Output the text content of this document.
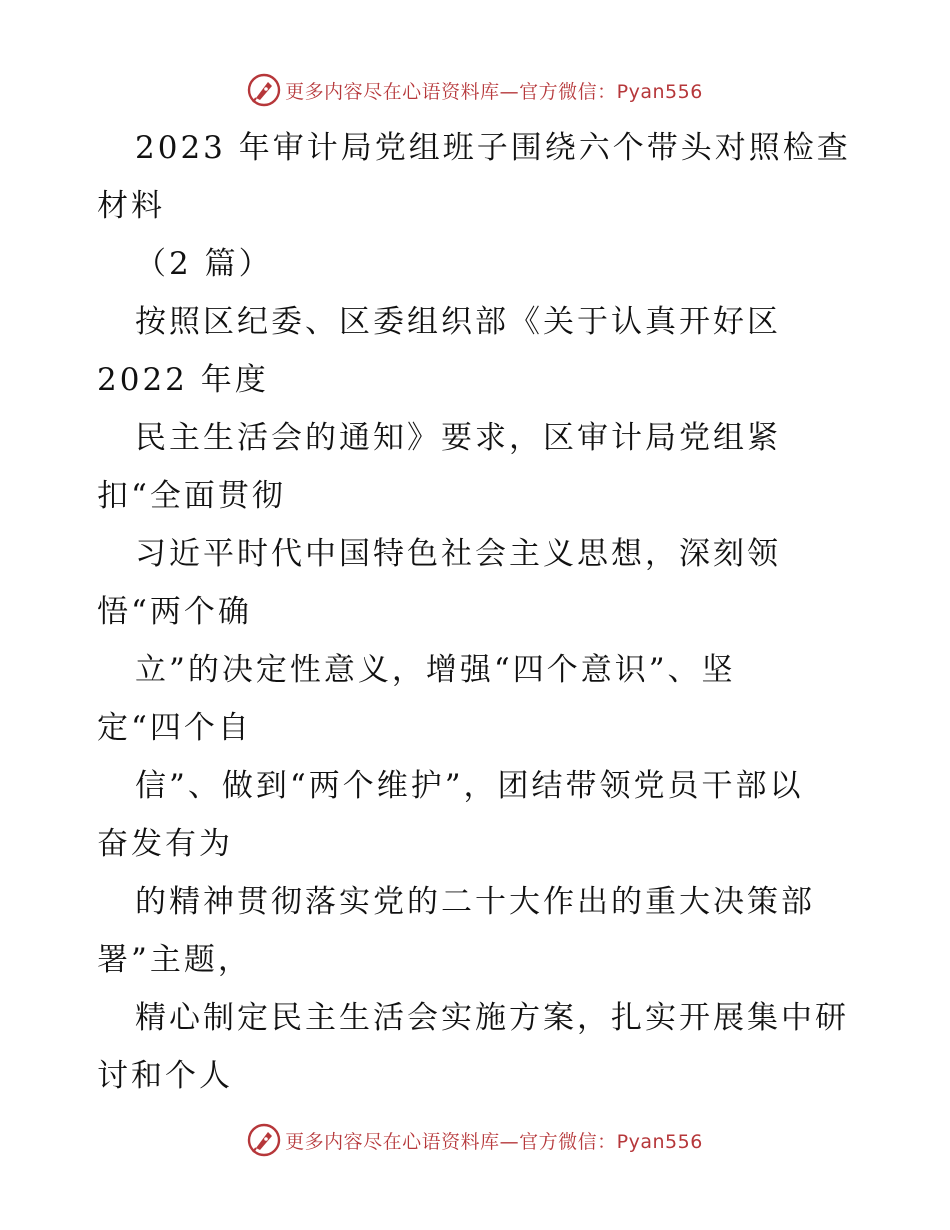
更多内容尽在心语资料库—官方微信：Pyan556
2023 年审计局党组班子围绕六个带头对照检查
材料
（2 篇）
按照区纪委、区委组织部《关于认真开好区
2022 年度
民主生活会的通知》要求，区审计局党组紧
扣“全面贯彻
习近平时代中国特色社会主义思想，深刻领
悟“两个确
立”的决定性意义，增强“四个意识”、坚
定“四个自
信”、做到“两个维护”，团结带领党员干部以
奋发有为
的精神贯彻落实党的二十大作出的重大决策部
署”主题，
精心制定民主生活会实施方案，扎实开展集中研
讨和个人
更多内容尽在心语资料库—官方微信：Pyan556
